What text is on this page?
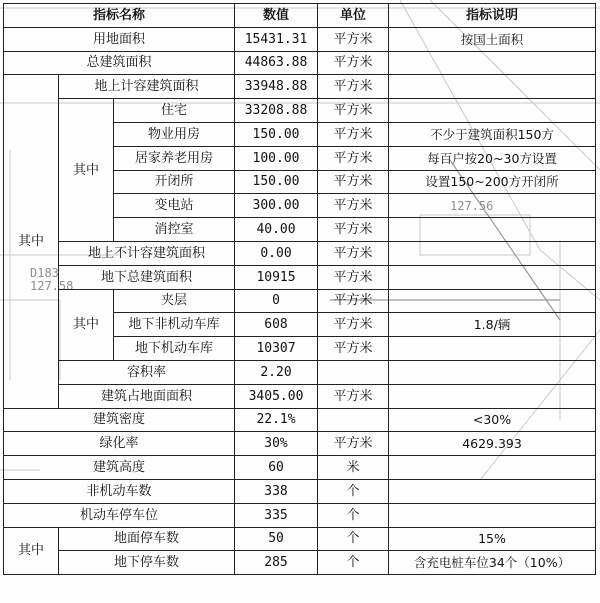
D183
127.58
127.56
指标名称			数值	单位	指标说明
用地面积			15431.31	平方米	按国土面积
总建筑面积			44863.88	平方米	
其中	地上计容建筑面积		33948.88	平方米	
	其中	住宅	33208.88	平方米	
		物业用房	150.00	平方米	不少于建筑面积150方
		居家养老用房	100.00	平方米	每百户按20~30方设置
		开闭所	150.00	平方米	设置150~200方开闭所
		变电站	300.00	平方米	
		消控室	40.00	平方米	
	地上不计容建筑面积		0.00	平方米	
	地下总建筑面积		10915	平方米	
	其中	夹层	0	平方米	
		地下非机动车库	608	平方米	1.8/辆
		地下机动车库	10307	平方米	
	容积率		2.20		
	建筑占地面面积		3405.00	平方米	
建筑密度			22.1%		<30%
绿化率			30%	平方米	4629.393
建筑高度			60	米	
非机动车数			338	个	
机动车停车位			335	个	
其中	地面停车数		50	个	15%
	地下停车数		285	个	含充电桩车位34个（10%）
